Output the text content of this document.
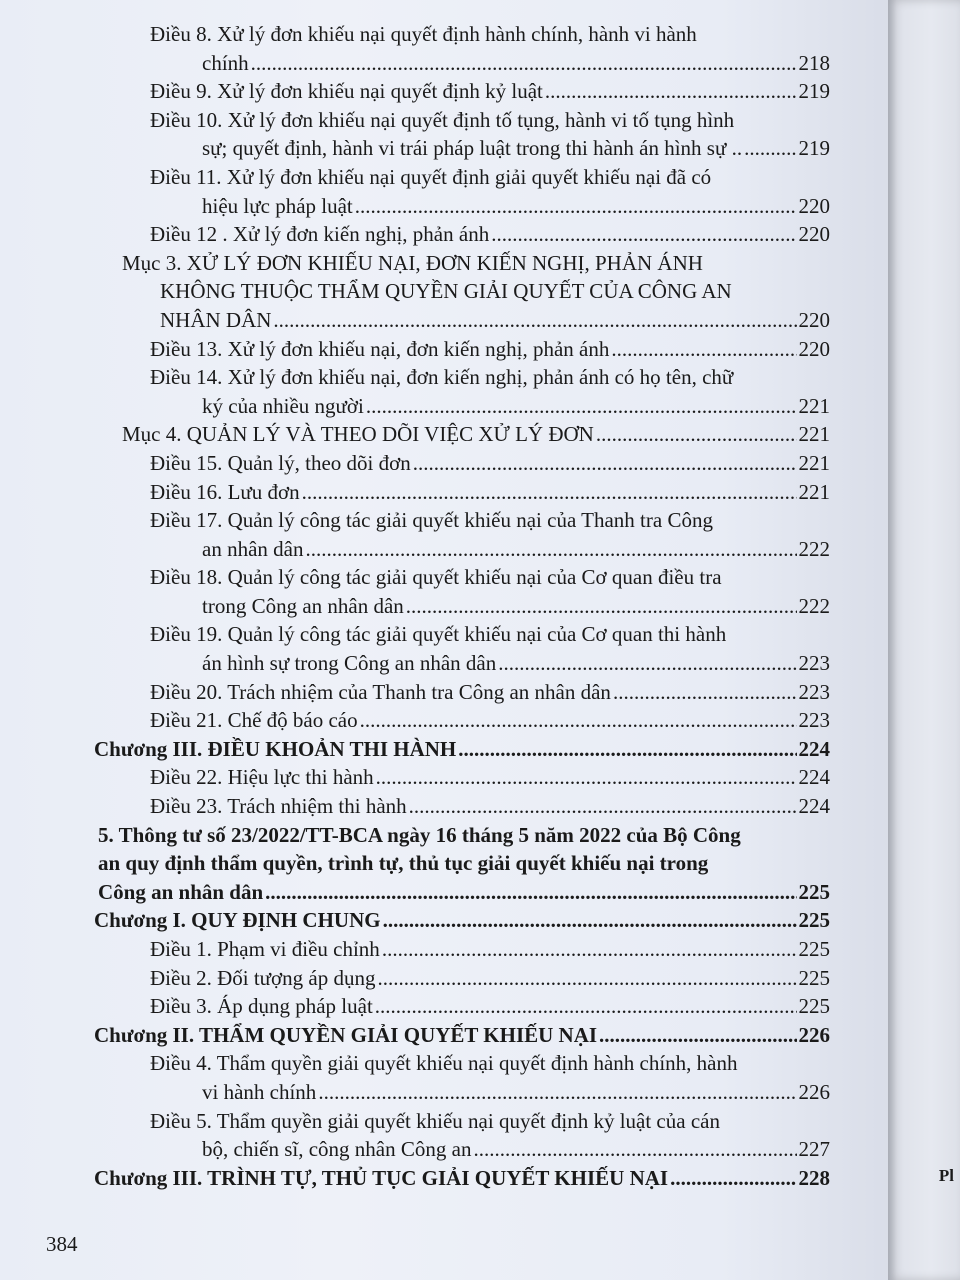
Pl
Điều 8. Xử lý đơn khiếu nại quyết định hành chính, hành vi hành
chính .....	218
Điều 9. Xử lý đơn khiếu nại quyết định kỷ luật .....	219
Điều 10. Xử lý đơn khiếu nại quyết định tố tụng, hành vi tố tụng hình
sự; quyết định, hành vi trái pháp luật trong thi hành án hình sự .. .....	219
Điều 11. Xử lý đơn khiếu nại quyết định giải quyết khiếu nại đã có
hiệu lực pháp luật .....	220
Điều 12 . Xử lý đơn kiến nghị, phản ánh .....	220
Mục 3. XỬ LÝ ĐƠN KHIẾU NẠI, ĐƠN KIẾN NGHỊ, PHẢN ÁNH
KHÔNG THUỘC THẨM QUYỀN GIẢI QUYẾT CỦA CÔNG AN
NHÂN DÂN .....	220
Điều 13. Xử lý đơn khiếu nại, đơn kiến nghị, phản ánh .....	220
Điều 14. Xử lý đơn khiếu nại, đơn kiến nghị, phản ánh có họ tên, chữ
ký của nhiều người .....	221
Mục 4. QUẢN LÝ VÀ THEO DÕI VIỆC XỬ LÝ ĐƠN .....	221
Điều 15. Quản lý, theo dõi đơn .....	221
Điều 16. Lưu đơn .....	221
Điều 17. Quản lý công tác giải quyết khiếu nại của Thanh tra Công
an nhân dân .....	222
Điều 18. Quản lý công tác giải quyết khiếu nại của Cơ quan điều tra
trong Công an nhân dân .....	222
Điều 19. Quản lý công tác giải quyết khiếu nại của Cơ quan thi hành
án hình sự trong Công an nhân dân .....	223
Điều 20. Trách nhiệm của Thanh tra Công an nhân dân .....	223
Điều 21. Chế độ báo cáo .....	223
Chương III. ĐIỀU KHOẢN THI HÀNH .....	224
Điều 22. Hiệu lực thi hành .....	224
Điều 23. Trách nhiệm thi hành .....	224
5. Thông tư số 23/2022/TT-BCA ngày 16 tháng 5 năm 2022 của Bộ Công
an quy định thẩm quyền, trình tự, thủ tục giải quyết khiếu nại trong
Công an nhân dân .....	225
Chương I. QUY ĐỊNH CHUNG .....	225
Điều 1. Phạm vi điều chỉnh .....	225
Điều 2. Đối tượng áp dụng .....	225
Điều 3. Áp dụng pháp luật .....	225
Chương II. THẨM QUYỀN GIẢI QUYẾT KHIẾU NẠI .....	226
Điều 4. Thẩm quyền giải quyết khiếu nại quyết định hành chính, hành
vi hành chính .....	226
Điều 5. Thẩm quyền giải quyết khiếu nại quyết định kỷ luật của cán
bộ, chiến sĩ, công nhân Công an .....	227
Chương III. TRÌNH TỰ, THỦ TỤC GIẢI QUYẾT KHIẾU NẠI .....	228
384
